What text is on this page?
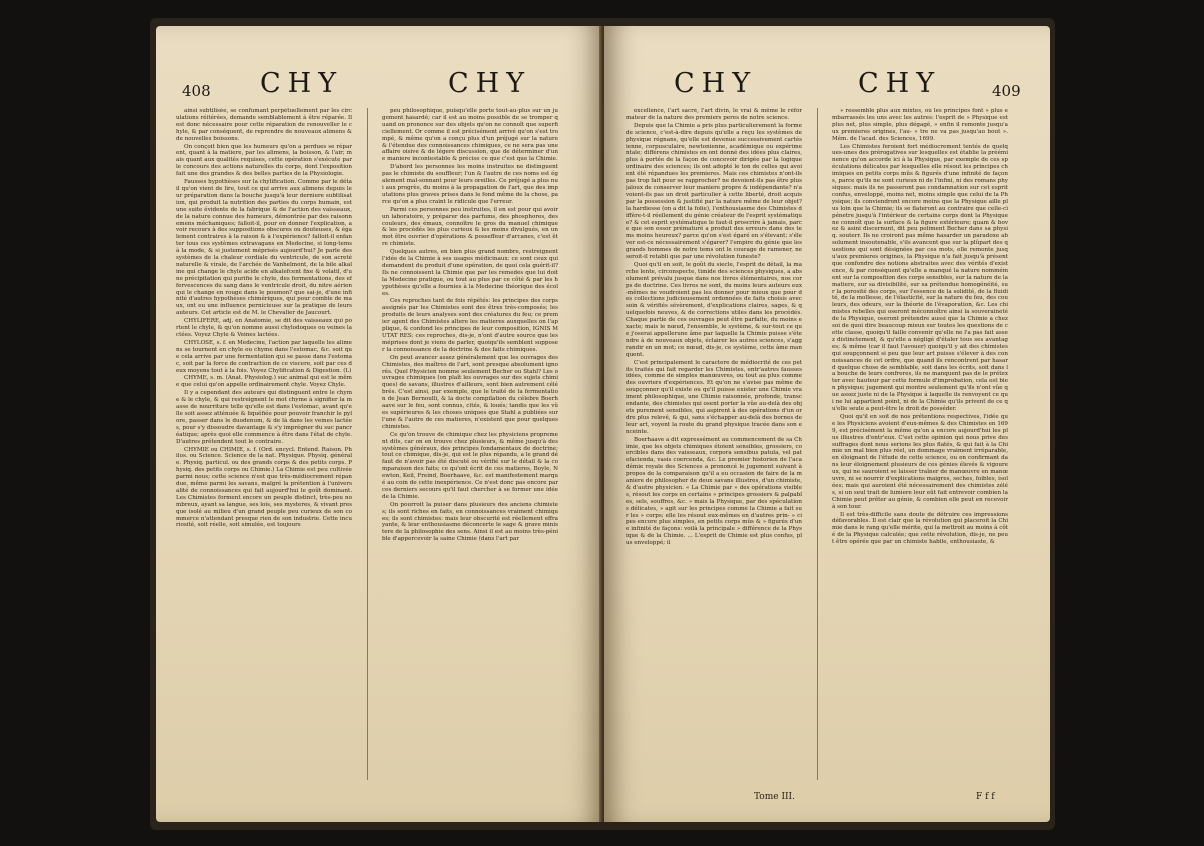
408 CHY	CHY

ainsi subtilisée, se confumant perpétuellement par les circulations réitérées, demande semblablement à être réparée. Il est donc nécessaire pour cette réparation de renouveller le chyle, & par conséquent, de reprendre de nouveaux alimens & de nouvelles boissons.

On conçoit bien que les humeurs qu'on a perdues se réparent, quant à la matiere, par les alimens, la boisson, & l'air; mais quant aux qualités requises, cette opération s'exécute par le concours des actions naturelles du corps, dont l'exposition fait une des grandes & des belles parties de la Physiologie.

Fausses hypothèses sur la chylification. Comme par le détail qu'on vient de lire, tout ce qui arrive aux alimens depuis leur préparation dans la bouche jusqu'à leur derniere subtilisation, qui produit la nutrition des parties du corps humain, est une suite évidente de la fabrique & de l'action des vaisseaux, de la nature connue des humeurs, démontrée par des raisonnemens méchaniques; falloit-il, pour en donner l'explication, avoir recours à des suppositions obscures ou douteuses, & également contraires à la raison & à l'expérience? falloit-il enfanter tous ces systèmes extravagans en Medecine, si long-tems à la mode, & si justement méprisés aujourd'hui? Je parle des systèmes de la chaleur cordiale du ventricule, de son acreté naturelle & virale, de l'archée de Vanhelmont, de la bile alkaline qui change le chyle acide en alkalefcent fixe & volatil, d'une précipitation qui purifie le chyle, des fermentations, des effervescences du sang dans le ventricule droit, du nitre aérien qui le change en rouge dans le poumon? que sai-je, d'une infinité d'autres hypothèses chimériques, qui pour comble de maux, ont eu une influence pernicieuse sur la pratique de leurs auteurs. Cet article est de M. le Chevalier de Jaucourt.

CHYLIFERE, adj. en Anatomie, se dit des vaisseaux qui portent le chyle, & qu'on nomme aussi chylodoques ou veines lactées. Voyez Chyle & Veines lactées.

CHYLOSE, s. f. en Medecine, l'action par laquelle les alimens se tournent en chyle ou chyme dans l'estomac, &c. soit que cela arrive par une fermentation qui se passe dans l'estomac, soit par la force de contraction de ce viscere, soit par ces deux moyens tout à la fois. Voyez Chylification & Digestion. (L)

CHYME, s. m. (Anat. Physiolog.) suc animal qui est le même que celui qu'on appelle ordinairement chyle. Voyez Chyle.

Il y a cependant des auteurs qui distinguent entre le chyme & le chyle, & qui restreignent le mot chyme à signifier la masse de nourriture telle qu'elle est dans l'estomac, avant qu'elle soit assez atténuée & liquéfiée pour pouvoir franchir le pylore, passer dans le duodenum, & de là dans les veines lactées, pour s'y dissoudre davantage & s'y imprégner du suc pancréatique; après quoi elle commence à être dans l'état de chyle. D'autres prétendent tout le contraire.

CHYMIE ou CHIMIE, s. f. (Ord. encycl. Entend. Raison. Philos. ou Science. Science de la nat. Physique. Physiq. générale. Physiq. particul. ou des grands corps & des petits corps. Physiq. des petits corps ou Chimie.) La Chimie est peu cultivée parmi nous; cette science n'est que très-médiocrement répandue, même parmi les savans, malgré la prétention à l'universalité de connoissances qui fait aujourd'hui le goût dominant. Les Chimistes forment encore un peuple distinct, très-peu nombreux, ayant sa langue, ses lois, ses mysteres, & vivant presque isolé au milieu d'un grand peuple peu curieux de son commerce n'attendant presque rien de son industrie. Cette incuriosité, soit réelle, soit simulée, est toujours

peu philosophique, puisqu'elle porte tout-au-plus sur un jugement hasardé; car il est au moins possible de se tromper quand on prononce sur des objets qu'on ne connoît que superficiellement. Or comme il est précisément arrivé qu'on s'est trompé, & même qu'on a conçu plus d'un préjugé sur la nature & l'étendue des connoissances chimiques, ce ne sera pas une affaire oisive & de légere discussion, que de déterminer d'une maniere incontestable & précise ce que c'est que la Chimie.

D'abord les personnes les moins instruites ne distinguent pas le chimiste du souffleur; l'un & l'autre de ces noms est également mal-sonnant pour leurs oreilles. Ce préjugé a plus nui aux progrès, du moins à la propagation de l'art, que des imputations plus graves prises dans le fond même de la chose, parce qu'on a plus craint le ridicule que l'erreur.

Parmi ces personnes peu instruites, il en est pour qui avoir un laboratoire, y préparer des parfums, des phosphores, des couleurs, des émaux, connoître le gros du manuel chimique & les procédés les plus curieux & les moins divulgués, en un mot être ouvrier d'opérations & posseffeur d'arcanes, c'est être chimiste.

Quelques autres, en bien plus grand nombre, restreignent l'idée de la Chimie à ses usages médicinaux: ce sont ceux qui demandent du produit d'une opération, de quoi cela guérit-il? Ils ne connoissent la Chimie que par les remedes que lui doit la Medecine pratique, ou tout au plus par ce côté & par les hypothèses qu'elle a fournies à la Medecine théorique des écoles.

Ces reproches tant de fois répétés: les principes des corps assignés par les Chimistes sont des êtres très-composés; les produits de leurs analyses sont des créatures du feu; ce premier agent des Chimistes altere les matieres auxquelles on l'applique, & confond les principes de leur composition, IGNIS MUTAT RES: ces reproches, dis-je, n'ont d'autre source que les méprises dont je viens de parler, quoiqu'ils semblent supposer la connoissance de la doctrine & des faits chimiques.

On peut avancer assez généralement que les ouvrages des Chimistes, des maîtres de l'art, sont presque absolument ignorés. Quel Physicien nomme seulement Becher ou Stahl? Les ouvrages chimiques (on plaît les ouvrages sur des sujets chimiques) de savans, illustres d'ailleurs, sont bien autrement célébrés. C'est ainsi, par exemple, que le traité de la fermentation de Jean Bernoulli, & la docte compilation du célebre Boerhaave sur le feu, sont connus, cités, & loués; tandis que les vûes supérieures & les choses uniques que Stahl a publiées sur l'une & l'autre de ces matieres, n'existent que pour quelques chimistes.

Ce qu'on trouve de chimique chez les physiciens proprement dits, car on en trouve chez plusieurs, & même jusqu'à des systèmes généraux, des principes fondamentaux de doctrine; tout ce chimique, dis-je, qui est le plus répandu, a le grand défaut de n'avoir pas été discuté ou vérifié sur le détail & la comparaison des faits; ce qu'ont écrit de ces matieres, Boyle, Newton, Keil, Freind, Boerhaave, &c. est manifestement marqué au coin de cette inexpérience. Ce n'est donc pas encore par ces derniers secours qu'il faut chercher à se former une idée de la Chimie.

On pourroit la puiser dans plusieurs des anciens chimistes; ils sont riches en faits, en connoissances vraiment chimiques; ils sont chimistes: mais leur obscurité est réellement effrayante, & leur enthousiasme déconcerte le sage & grave ministere de la philosophie des sens. Ainsi il est au moins très-pénible d'appercevoir la saine Chimie (dans l'art par

CHY	CHY	409

excellence, l'art sacré, l'art divin, le vrai & même le réformateur de la nature des premiers peres de notre science.

Depuis que la Chimie a pris plus particulierement la forme de science, c'est-à-dire depuis qu'elle a reçu les systèmes de physique régnans, qu'elle est devenue successivement cartésienne, corpusculaire, newtonienne, académique ou expérimentale; différens chimistes en ont donné des idées plus claires, plus à portée de la façon de concevoir dirigée par la logique ordinaire des sciences; ils ont adopté le ton de celles qui avoient été répandues les premieres. Mais ces chimistes n'ont-ils pas trop fait pour se rapprocher? ne devoient-ils pas être plus jaloux de conserver leur maniere propre & indépendante? n'avoient-ils pas un droit particulier à cette liberté, droit acquis par la possession & justifié par la nature même de leur objet? la hardiesse (on a dit la folie), l'enthousiasme des Chimistes diffère-t-il réellement du génie créateur de l'esprit systématique? & cet esprit systématique le faut-il proscrire à jamais, parce que son essor prématuré a produit des erreurs dans des tems moins heureux? parce qu'on s'est égaré en s'élevant; s'élever est-ce nécessairement s'égarer? l'empire du génie que les grands hommes de notre tems ont le courage de ramener, ne seroit-il retabli que par une révolution funeste?

Quoi qu'il en soit, le goût du siecle, l'esprit de détail, la marche lente, circonspecte, timide des sciences physiques, a absolument prévalu jusque dans nos livres élémentaires, nos corps de doctrine. Ces livres ne sont, du moins leurs auteurs eux-mêmes ne voudroient pas les donner pour mieux que pour des collections judicieusement ordonnées de faits choisis avec soin & vérifiés sévèrement, d'explications claires, sages, & quelquefois neuves, & de corrections utiles dans les procédés. Chaque partie de ces ouvrages peut être parfaite, du moins exacte; mais le nœud, l'ensemble, le système, & sur-tout ce que j'oserai appellerune âme par laquelle la Chimie puisse s'étendre à de nouveaux objets, éclairer les autres sciences, s'aggrandir en un mot; ce nœud, dis-je, ce système, cette âme manquent.

C'est principalement le caractere de médiocrité de ces petits traités qui fait regarder les Chimistes, entr'autres fausses idées, comme de simples manœuvres, ou tout au plus comme des ouvriers d'expériences. Et qu'on ne s'avise pas même de soupçonner qu'il existe ou qu'il puisse exister une Chimie vraiment philosophique, une Chimie raisonnée, profonde, transcendante, des chimistes qui osent porter la vûe au-delà des objets purement sensibles, qui aspirent à des opérations d'un ordre plus relevé, & qui, sans s'échapper au-delà des bornes de leur art, voyent la route du grand physique tracée dans son enceinte.

Boerhaave a dit expressément au commencement de sa Chimie, que les objets chimiques étoient sensibles, grossiers, coercibles dans des vaisseaux, corpora sensibus patula, vel patefacienda, vasis coercenda, &c. Le premier historien de l'académie royale des Sciences a prononcé le jugement suivant à propos de la comparaison qu'il a eu occasion de faire de la maniere de philosopher de deux savans illustres, d'un chimiste, & d'autre physicien. « La Chimie par » des opérations visibles, résout les corps en certains » principes grossiers & palpables, sels, souffres, &c. » mais la Physique, par des spéculations délicates, » agit sur les principes comme la Chimie a fait sur les » corps; elle les résout eux-mêmes en d'autres prin- » cipes encore plus simples, en petits corps mûs & » figurés d'une infinité de façons: voilà la principale » différence de la Physique & de la Chimie. ... L'esprit de Chimie est plus confus, plus enveloppé; il

» ressemble plus aux mixtes, où les principes font » plus embarrassés les uns avec les autres: l'esprit de » Physique est plus net, plus simple, plus dégagé, » enfin il remonte jusqu'aux premieres origines, l'au- » tre ne va pas jusqu'au bout ». Mém. de l'acad. des Sciences, 1699.

Les Chimistes feroient fort médiocrement tentés de quelques-unes des prérogatives sur lesquelles est établie la prééminence qu'on accorde ici à la Physique, par exemple de ces spéculations délicates par lesquelles elle résout les principes chimiques en petits corps mûs & figurés d'une infinité de façons, parce qu'ils ne sont curieux ni de l'infini, ni des romans physiques: mais ils ne passeront pas condamnation sur cet esprit confus, enveloppé, moins net, moins simple que celui de la Physique; ils conviendront encore moins que la Physique aille plus loin que la Chimie; ils se flateront au contraire que celle-ci pénetre jusqu'à l'intérieur de certains corps dont la Physique ne connoît que la surface & la figure extérieure; quam & bovez & asini discernunt, dit peu poliment Becher dans sa physiq. souterr. Ils ne croiront pas même hasarder un paradoxe absolument insoutenable, s'ils avancent que sur la plûpart des questions qui sont désignées par ces mots, elle remonte jusqu'aux premieres origines, la Physique n'a fait jusqu'à présent que confondre des notions abstraites avec des vérités d'existence, & par conséquent qu'elle a manqué la nature nommément sur la composition des corps sensibles, sur la nature de la matiere, sur sa divisibilité, sur sa prétendue homogénéité, sur la porosité des corps, sur l'essence de la solidité, de la fluidité, de la mollesse, de l'élasticité, sur la nature du feu, des couleurs, des odeurs, sur la théorie de l'évaporation, &c. Les chimistes rebelles qui oseront méconnoître ainsi la souveraineté de la Physique, oseront prétendre aussi que la Chimie a chez soi de quoi dire beaucoup mieux sur toutes les questions de cette classe, quoiqu'il faille convenir qu'elle ne l'a pas fait assez distinctement, & qu'elle a négligé d'étaler tous ses avantages; & même (car il faut l'avouer) quoiqu'il y ait des chimistes qui soupçonnent si peu que leur art puisse s'élever à des connoissances de cet ordre, que quand ils rencontrent par hasard quelque chose de semblable, soit dans les écrits, soit dans la bouche de leurs confreres, ils ne manquent pas de le prétexter avec hauteur par cette formule d'improbation, cela est bien physique; jugement qui montre seulement qu'ils n'ont vûe que assez juste ni de la Physique à laquelle ils renvoyent ce qui ne lui appartient point, ni de la Chimie qu'ils privent de ce qu'elle seule a peut-être le droit de posséder.

Quoi qu'il en soit de nos prétentions respectives, l'idée que les Physiciens avoient d'eux-mêmes & des Chimistes en 1699, est précisément la même qu'on a encore aujourd'hui les plus illustres d'entr'eux. C'est cette opinion qui nous prive des suffrages dont nous serions les plus flatés, & qui fait à la Chimie un mal bien plus réel, un dommage vraiment irréparable, en éloignant de l'étude de cette science, ou en confirmant dans leur éloignement plusieurs de ces génies élevés & vigoureux, qui ne sauroient se laisser traîner de manœuvre en manœuvre, ni se nourrir d'explications maigres, seches, foibles, isolées; mais qui auroient été nécessairement des chimistes zélés, si un seul trait de lumiere leur eût fait entrevoir combien la Chimie peut prêter au génie, & combien elle peut en recevoir à son tour.

Il est très-difficile sans doute de détruire ces impressions défavorables. Il est clair que la révolution qui placeroit la Chimie dans le rang qu'elle mérite, qui la mettroit au moins à côté de la Physique calculée; que cette révolution, dis-je, ne peut être opérée que par un chimiste habile, enthousiaste, &

Tome III.	F f f
